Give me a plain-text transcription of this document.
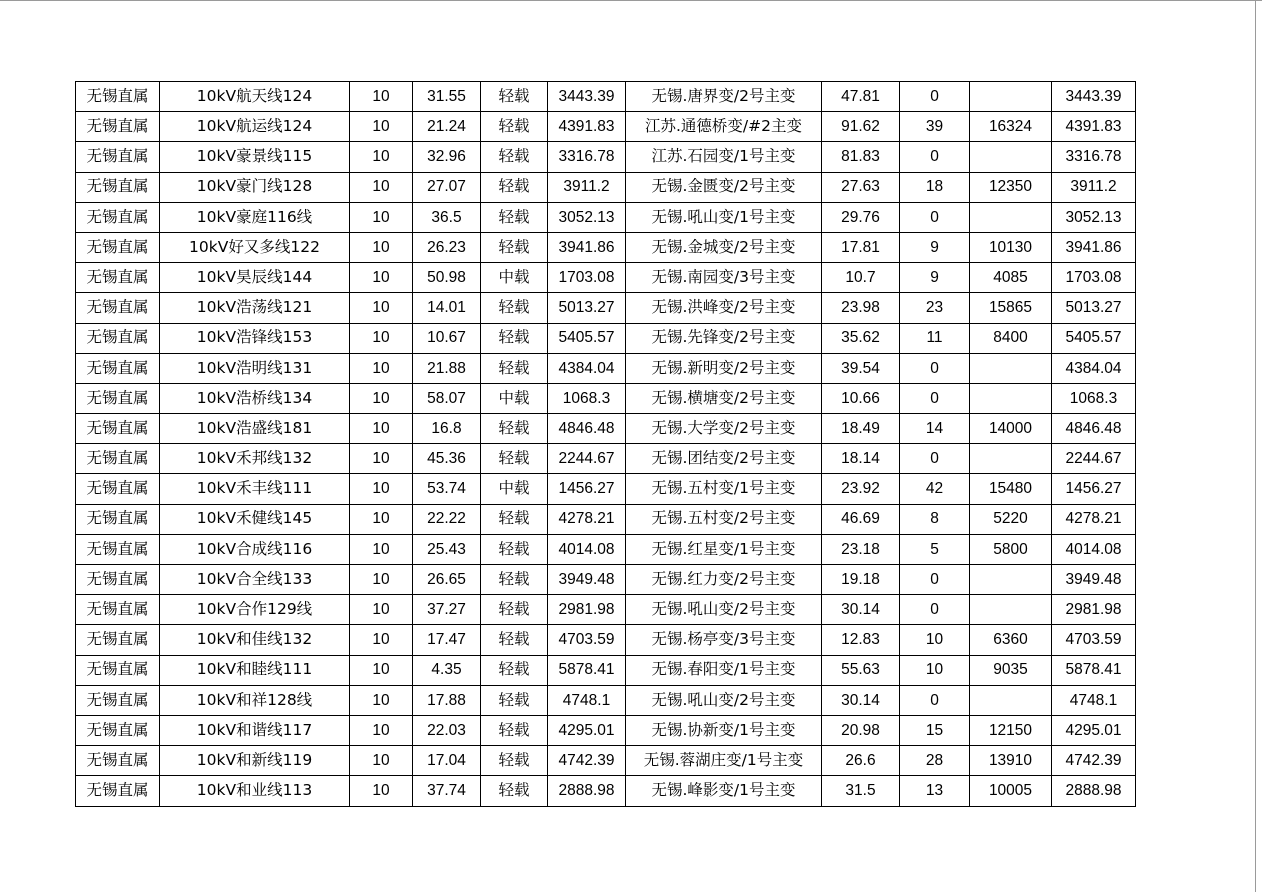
无锡直属	10kV航天线124	10	31.55	轻载	3443.39	无锡.唐界变/2号主变	47.81	0		3443.39
无锡直属	10kV航运线124	10	21.24	轻载	4391.83	江苏.通德桥变/#2主变	91.62	39	16324	4391.83
无锡直属	10kV豪景线115	10	32.96	轻载	3316.78	江苏.石园变/1号主变	81.83	0		3316.78
无锡直属	10kV豪门线128	10	27.07	轻载	3911.2	无锡.金匮变/2号主变	27.63	18	12350	3911.2
无锡直属	10kV豪庭116线	10	36.5	轻载	3052.13	无锡.吼山变/1号主变	29.76	0		3052.13
无锡直属	10kV好又多线122	10	26.23	轻载	3941.86	无锡.金城变/2号主变	17.81	9	10130	3941.86
无锡直属	10kV昊辰线144	10	50.98	中载	1703.08	无锡.南园变/3号主变	10.7	9	4085	1703.08
无锡直属	10kV浩荡线121	10	14.01	轻载	5013.27	无锡.洪峰变/2号主变	23.98	23	15865	5013.27
无锡直属	10kV浩锋线153	10	10.67	轻载	5405.57	无锡.先锋变/2号主变	35.62	11	8400	5405.57
无锡直属	10kV浩明线131	10	21.88	轻载	4384.04	无锡.新明变/2号主变	39.54	0		4384.04
无锡直属	10kV浩桥线134	10	58.07	中载	1068.3	无锡.横塘变/2号主变	10.66	0		1068.3
无锡直属	10kV浩盛线181	10	16.8	轻载	4846.48	无锡.大学变/2号主变	18.49	14	14000	4846.48
无锡直属	10kV禾邦线132	10	45.36	轻载	2244.67	无锡.团结变/2号主变	18.14	0		2244.67
无锡直属	10kV禾丰线111	10	53.74	中载	1456.27	无锡.五村变/1号主变	23.92	42	15480	1456.27
无锡直属	10kV禾健线145	10	22.22	轻载	4278.21	无锡.五村变/2号主变	46.69	8	5220	4278.21
无锡直属	10kV合成线116	10	25.43	轻载	4014.08	无锡.红星变/1号主变	23.18	5	5800	4014.08
无锡直属	10kV合全线133	10	26.65	轻载	3949.48	无锡.红力变/2号主变	19.18	0		3949.48
无锡直属	10kV合作129线	10	37.27	轻载	2981.98	无锡.吼山变/2号主变	30.14	0		2981.98
无锡直属	10kV和佳线132	10	17.47	轻载	4703.59	无锡.杨亭变/3号主变	12.83	10	6360	4703.59
无锡直属	10kV和睦线111	10	4.35	轻载	5878.41	无锡.春阳变/1号主变	55.63	10	9035	5878.41
无锡直属	10kV和祥128线	10	17.88	轻载	4748.1	无锡.吼山变/2号主变	30.14	0		4748.1
无锡直属	10kV和谐线117	10	22.03	轻载	4295.01	无锡.协新变/1号主变	20.98	15	12150	4295.01
无锡直属	10kV和新线119	10	17.04	轻载	4742.39	无锡.蓉湖庄变/1号主变	26.6	28	13910	4742.39
无锡直属	10kV和业线113	10	37.74	轻载	2888.98	无锡.峰影变/1号主变	31.5	13	10005	2888.98
